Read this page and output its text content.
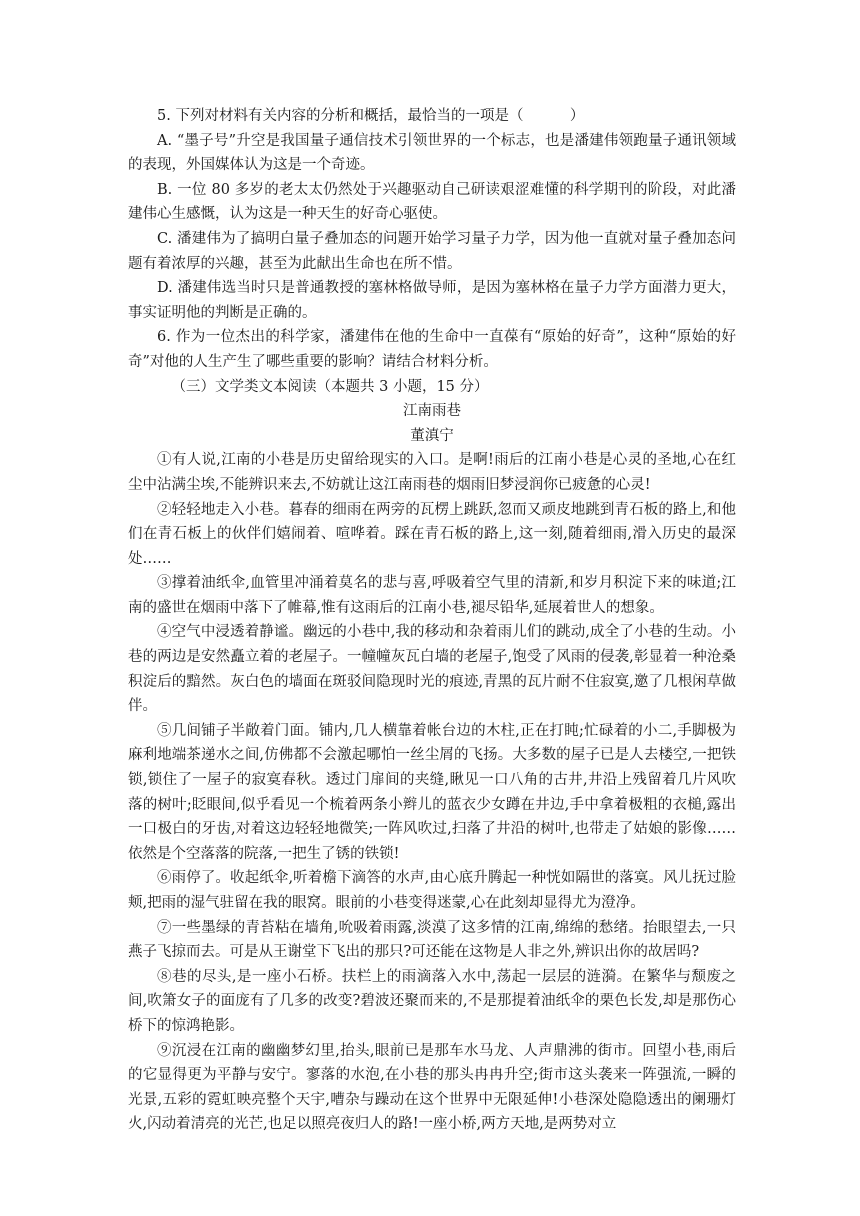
5. 下列对材料有关内容的分析和概括，最恰当的一项是（	）

A. “墨子号”升空是我国量子通信技术引领世界的一个标志，也是潘建伟领跑量子通讯领域的表现，外国媒体认为这是一个奇迹。

B. 一位 80 多岁的老太太仍然处于兴趣驱动自己研读艰涩难懂的科学期刊的阶段，对此潘建伟心生感慨，认为这是一种天生的好奇心驱使。

C. 潘建伟为了搞明白量子叠加态的问题开始学习量子力学，因为他一直就对量子叠加态问题有着浓厚的兴趣，甚至为此献出生命也在所不惜。

D. 潘建伟选当时只是普通教授的塞林格做导师，是因为塞林格在量子力学方面潜力更大，事实证明他的判断是正确的。

6. 作为一位杰出的科学家，潘建伟在他的生命中一直葆有“原始的好奇”，这种“原始的好奇”对他的人生产生了哪些重要的影响？请结合材料分析。

（三）文学类文本阅读（本题共 3 小题，15 分）

江南雨巷

董滇宁

①有人说,江南的小巷是历史留给现实的入口。是啊!雨后的江南小巷是心灵的圣地,心在红尘中沾满尘埃,不能辨识来去,不妨就让这江南雨巷的烟雨旧梦浸润你已疲惫的心灵!

②轻轻地走入小巷。暮春的细雨在两旁的瓦楞上跳跃,忽而又顽皮地跳到青石板的路上,和他们在青石板上的伙伴们嬉闹着、喧哗着。踩在青石板的路上,这一刻,随着细雨,滑入历史的最深处……

③撑着油纸伞,血管里冲涌着莫名的悲与喜,呼吸着空气里的清新,和岁月积淀下来的味道;江南的盛世在烟雨中落下了帷幕,惟有这雨后的江南小巷,褪尽铅华,延展着世人的想象。

④空气中浸透着静谧。幽远的小巷中,我的移动和杂着雨儿们的跳动,成全了小巷的生动。小巷的两边是安然矗立着的老屋子。一幢幢灰瓦白墙的老屋子,饱受了风雨的侵袭,彰显着一种沧桑积淀后的黯然。灰白色的墙面在斑驳间隐现时光的痕迹,青黑的瓦片耐不住寂寞,邀了几根闲草做伴。

⑤几间铺子半敞着门面。铺内,几人横靠着帐台边的木柱,正在打盹;忙碌着的小二,手脚极为麻利地端茶递水之间,仿佛都不会激起哪怕一丝尘屑的飞扬。大多数的屋子已是人去楼空,一把铁锁,锁住了一屋子的寂寞春秋。透过门扉间的夹缝,瞅见一口八角的古井,井沿上残留着几片风吹落的树叶;眨眼间,似乎看见一个梳着两条小辫儿的蓝衣少女蹲在井边,手中拿着极粗的衣槌,露出一口极白的牙齿,对着这边轻轻地微笑;一阵风吹过,扫落了井沿的树叶,也带走了姑娘的影像……依然是个空落落的院落,一把生了锈的铁锁!

⑥雨停了。收起纸伞,听着檐下滴答的水声,由心底升腾起一种恍如隔世的落寞。风儿抚过脸颊,把雨的湿气驻留在我的眼窝。眼前的小巷变得迷蒙,心在此刻却显得尤为澄净。

⑦一些墨绿的青苔粘在墙角,吮吸着雨露,淡漠了这多情的江南,绵绵的愁绪。抬眼望去,一只燕子飞掠而去。可是从王谢堂下飞出的那只?可还能在这物是人非之外,辨识出你的故居吗?

⑧巷的尽头,是一座小石桥。扶栏上的雨滴落入水中,荡起一层层的涟漪。在繁华与颓废之间,吹箫女子的面庞有了几多的改变?碧波还聚而来的,不是那提着油纸伞的栗色长发,却是那伤心桥下的惊鸿艳影。

⑨沉浸在江南的幽幽梦幻里,抬头,眼前已是那车水马龙、人声鼎沸的街市。回望小巷,雨后的它显得更为平静与安宁。寥落的水泡,在小巷的那头冉冉升空;街市这头袭来一阵强流,一瞬的光景,五彩的霓虹映亮整个天宇,嘈杂与躁动在这个世界中无限延伸!小巷深处隐隐透出的阑珊灯火,闪动着清亮的光芒,也足以照亮夜归人的路!一座小桥,两方天地,是两势对立
